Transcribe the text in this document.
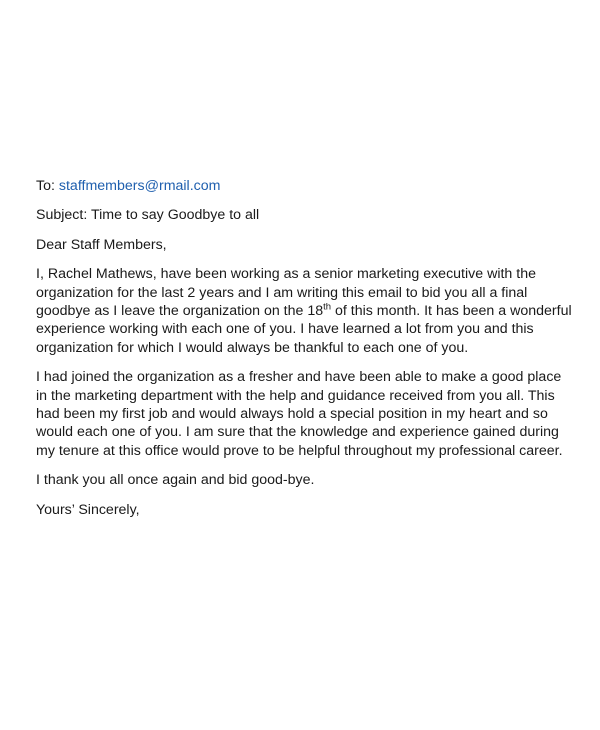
To: staffmembers@rmail.com

Subject: Time to say Goodbye to all

Dear Staff Members,

I, Rachel Mathews, have been working as a senior marketing executive with the organization for the last 2 years and I am writing this email to bid you all a final goodbye as I leave the organization on the 18th of this month. It has been a wonderful experience working with each one of you. I have learned a lot from you and this organization for which I would always be thankful to each one of you.

I had joined the organization as a fresher and have been able to make a good place in the marketing department with the help and guidance received from you all. This had been my first job and would always hold a special position in my heart and so would each one of you. I am sure that the knowledge and experience gained during my tenure at this office would prove to be helpful throughout my professional career.

I thank you all once again and bid good-bye.

Yours’ Sincerely,
